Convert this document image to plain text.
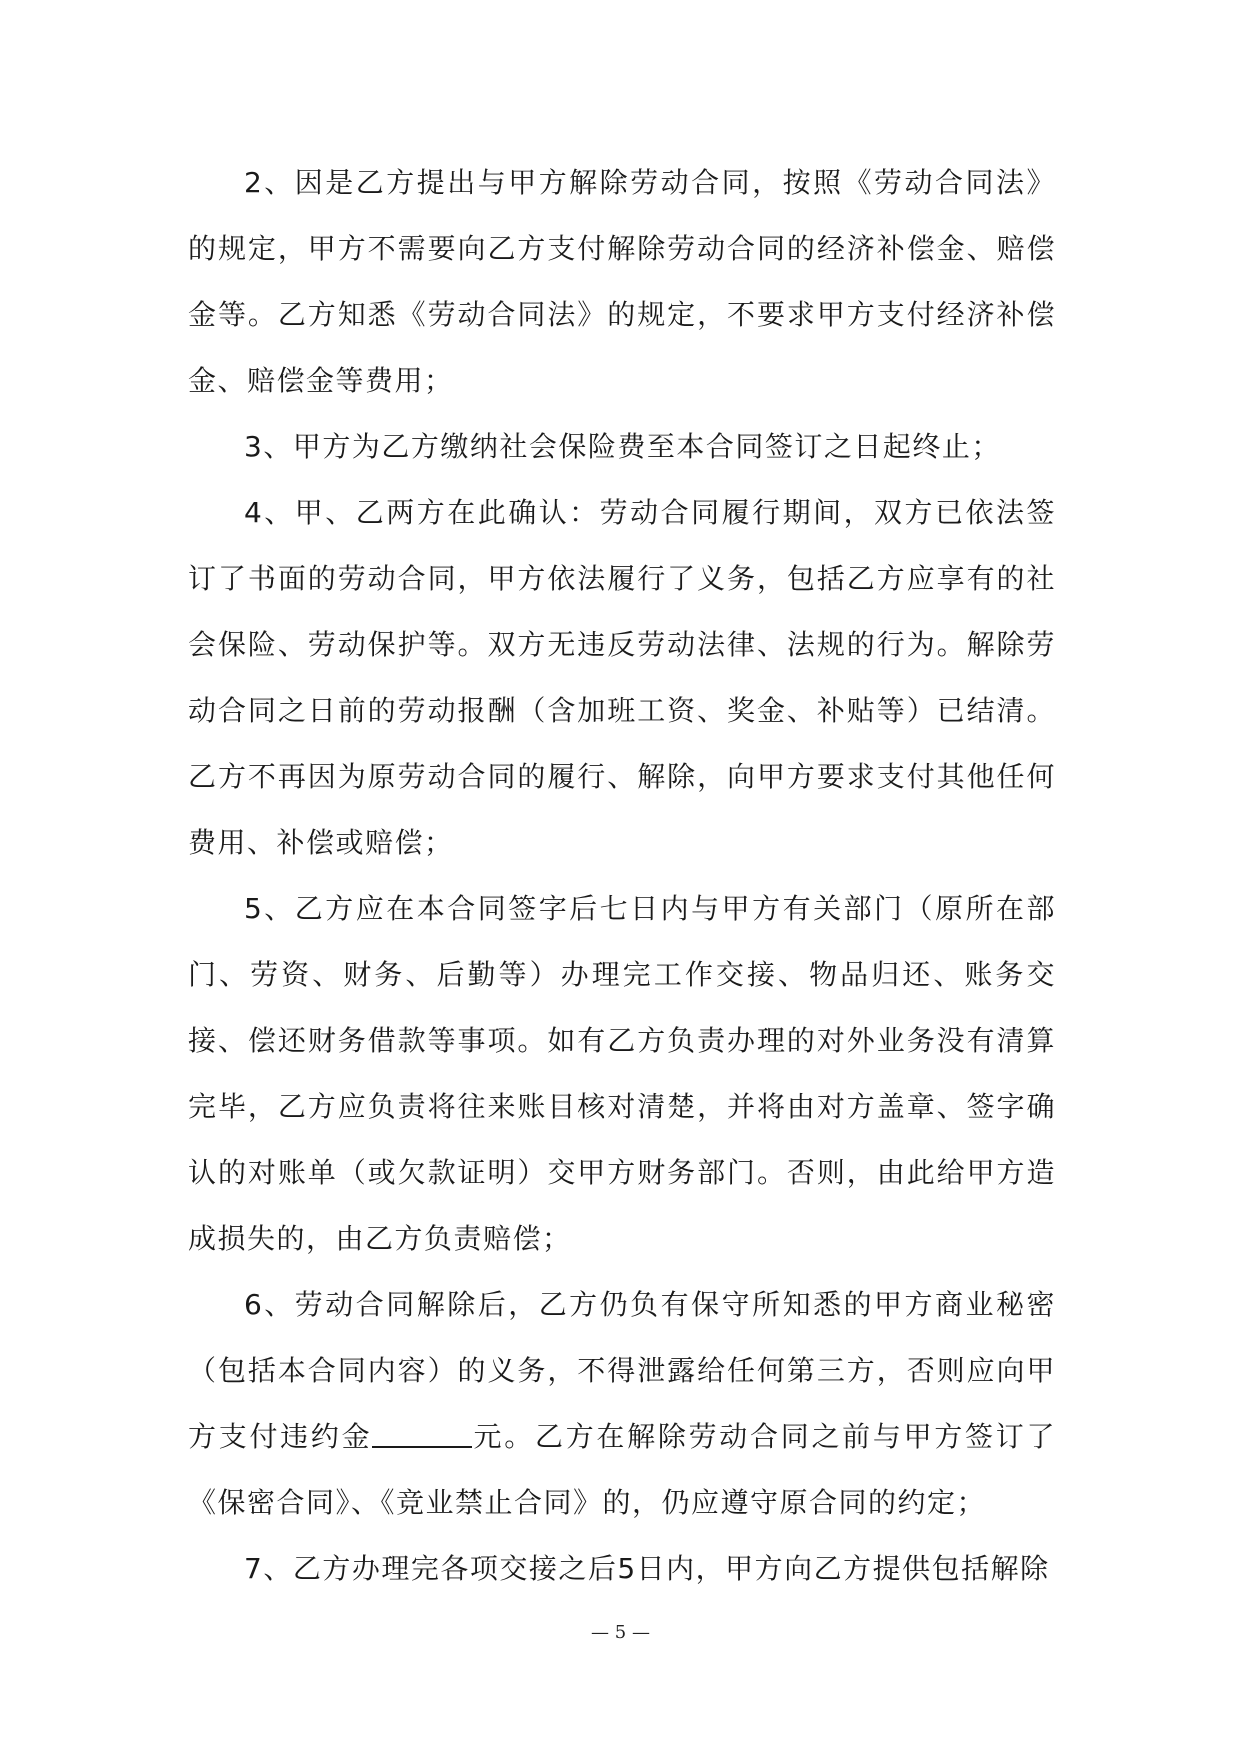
2、因是乙方提出与甲方解除劳动合同，按照《劳动合同法》的规定，甲方不需要向乙方支付解除劳动合同的经济补偿金、赔偿金等。乙方知悉《劳动合同法》的规定，不要求甲方支付经济补偿金、赔偿金等费用；

3、甲方为乙方缴纳社会保险费至本合同签订之日起终止；

4、甲、乙两方在此确认：劳动合同履行期间，双方已依法签订了书面的劳动合同，甲方依法履行了义务，包括乙方应享有的社会保险、劳动保护等。双方无违反劳动法律、法规的行为。解除劳动合同之日前的劳动报酬（含加班工资、奖金、补贴等）已结清。乙方不再因为原劳动合同的履行、解除，向甲方要求支付其他任何费用、补偿或赔偿；

5、乙方应在本合同签字后七日内与甲方有关部门（原所在部门、劳资、财务、后勤等）办理完工作交接、物品归还、账务交接、偿还财务借款等事项。如有乙方负责办理的对外业务没有清算完毕，乙方应负责将往来账目核对清楚，并将由对方盖章、签字确认的对账单（或欠款证明）交甲方财务部门。否则，由此给甲方造成损失的，由乙方负责赔偿；

6、劳动合同解除后，乙方仍负有保守所知悉的甲方商业秘密（包括本合同内容）的义务，不得泄露给任何第三方，否则应向甲方支付违约金	元。乙方在解除劳动合同之前与甲方签订了《保密合同》、《竞业禁止合同》的，仍应遵守原合同的约定；

7、乙方办理完各项交接之后5日内，甲方向乙方提供包括解除

— 5 —
